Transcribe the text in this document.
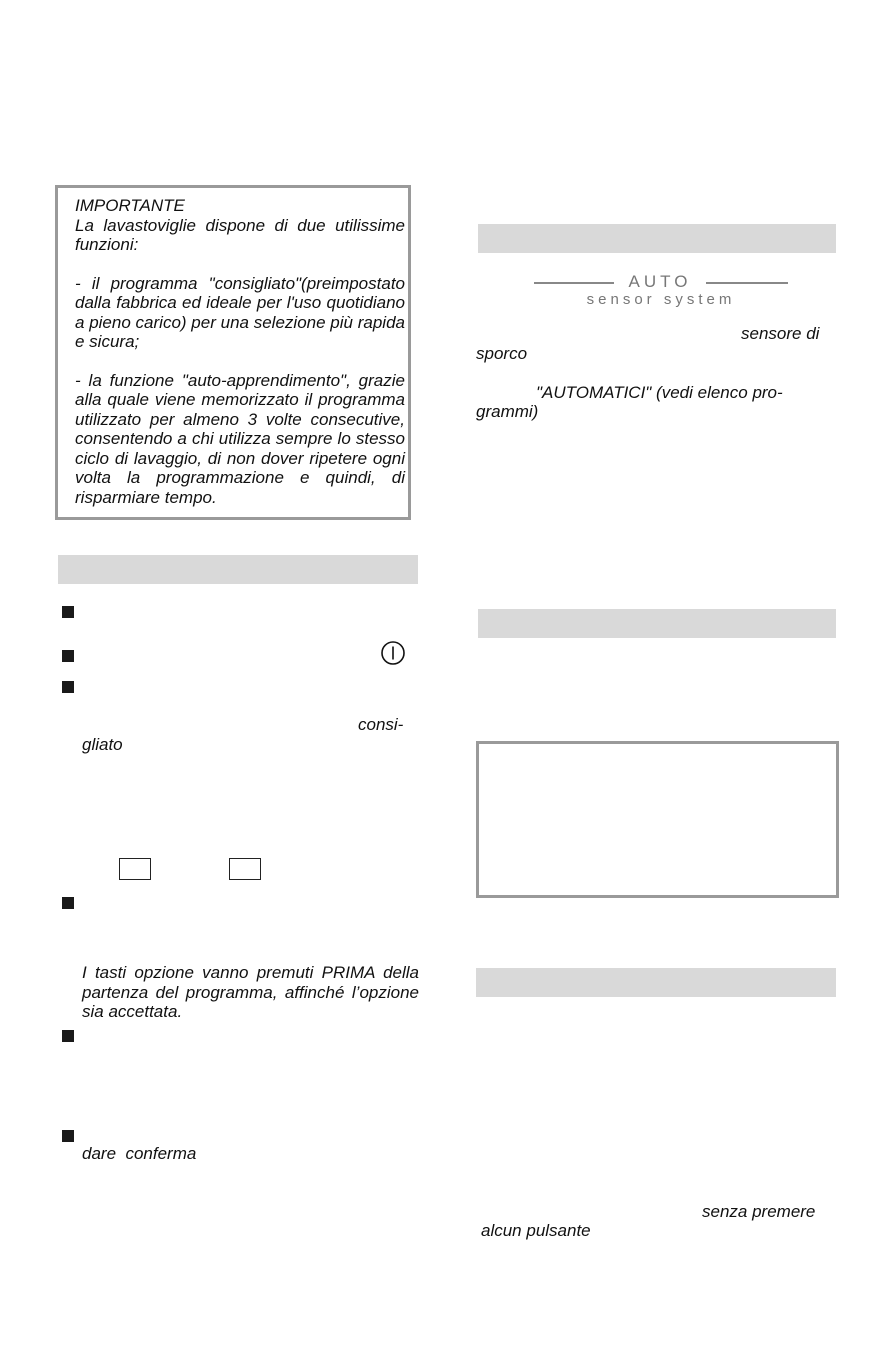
IMPORTANTE

La lavastoviglie dispone di due utilissime funzioni:

- il programma "consigliato"(preimpostato dalla fabbrica ed ideale per l'uso quotidiano a pieno carico) per una selezione più rapida e sicura;

- la funzione "auto-apprendimento", grazie alla quale viene memorizzato il programma utilizzato per almeno 3 volte consecutive, consentendo a chi utilizza sempre lo stesso ciclo di lavaggio, di non dover ripetere ogni volta la programmazione e quindi, di risparmiare tempo.

consi-
gliato
I tasti opzione vanno premuti PRIMA della partenza del programma, affinché l’opzione sia accettata.
dare  conferma
AUTO
sensor system
sensore di
sporco
"AUTOMATICI" (vedi elenco pro-
grammi)
senza premere
alcun pulsante
